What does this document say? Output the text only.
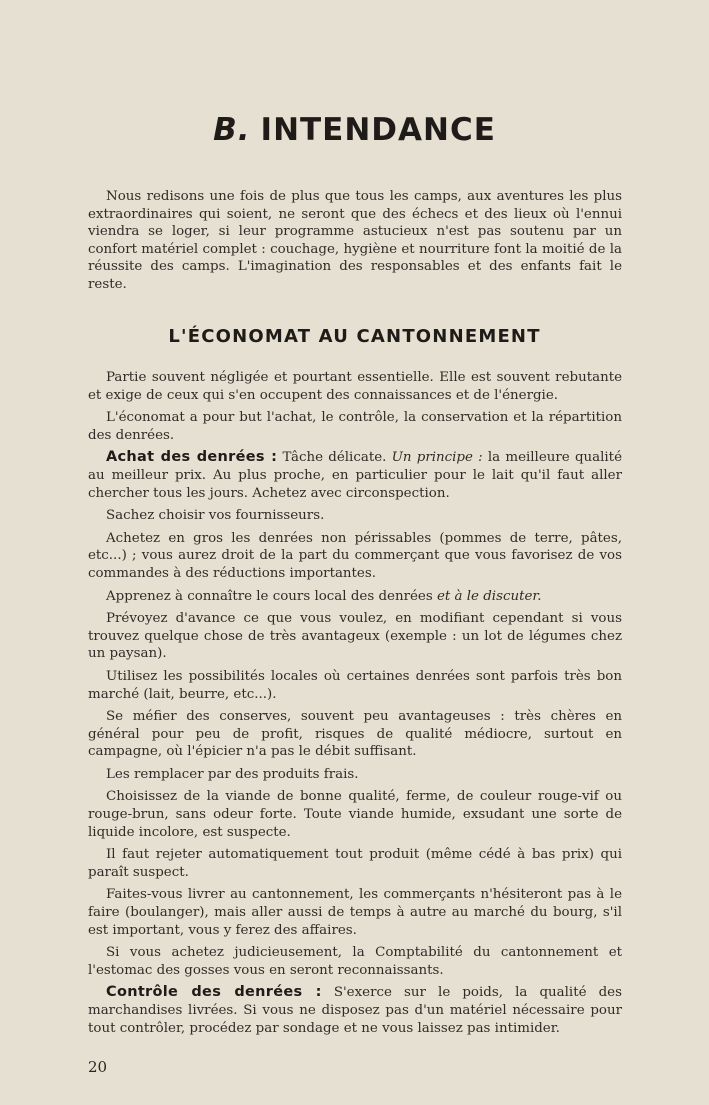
B. INTENDANCE

Nous redisons une fois de plus que tous les camps, aux aventures les plus extraordinaires qui soient, ne seront que des échecs et des lieux où l'ennui viendra se loger, si leur programme astucieux n'est pas soutenu par un confort matériel complet : couchage, hygiène et nourriture font la moitié de la réussite des camps. L'imagination des responsables et des enfants fait le reste.

L'ÉCONOMAT AU CANTONNEMENT

Partie souvent négligée et pourtant essentielle. Elle est souvent rebutante et exige de ceux qui s'en occupent des connaissances et de l'énergie.

L'économat a pour but l'achat, le contrôle, la conservation et la répartition des denrées.

Achat des denrées : Tâche délicate. Un principe : la meilleure qualité au meilleur prix. Au plus proche, en particulier pour le lait qu'il faut aller chercher tous les jours. Achetez avec circonspection.

Sachez choisir vos fournisseurs.

Achetez en gros les denrées non périssables (pommes de terre, pâtes, etc...) ; vous aurez droit de la part du commerçant que vous favorisez de vos commandes à des réductions importantes.

Apprenez à connaître le cours local des denrées et à le discuter.

Prévoyez d'avance ce que vous voulez, en modifiant cependant si vous trouvez quelque chose de très avantageux (exemple : un lot de légumes chez un paysan).

Utilisez les possibilités locales où certaines denrées sont parfois très bon marché (lait, beurre, etc...).

Se méfier des conserves, souvent peu avantageuses : très chères en général pour peu de profit, risques de qualité médiocre, surtout en campagne, où l'épicier n'a pas le débit suffisant.

Les remplacer par des produits frais.

Choisissez de la viande de bonne qualité, ferme, de couleur rouge-vif ou rouge-brun, sans odeur forte. Toute viande humide, exsudant une sorte de liquide incolore, est suspecte.

Il faut rejeter automatiquement tout produit (même cédé à bas prix) qui paraît suspect.

Faites-vous livrer au cantonnement, les commerçants n'hésiteront pas à le faire (boulanger), mais aller aussi de temps à autre au marché du bourg, s'il est important, vous y ferez des affaires.

Si vous achetez judicieusement, la Comptabilité du cantonnement et l'estomac des gosses vous en seront reconnaissants.

Contrôle des denrées : S'exerce sur le poids, la qualité des marchandises livrées. Si vous ne disposez pas d'un matériel nécessaire pour tout contrôler, procédez par sondage et ne vous laissez pas intimider.

20
